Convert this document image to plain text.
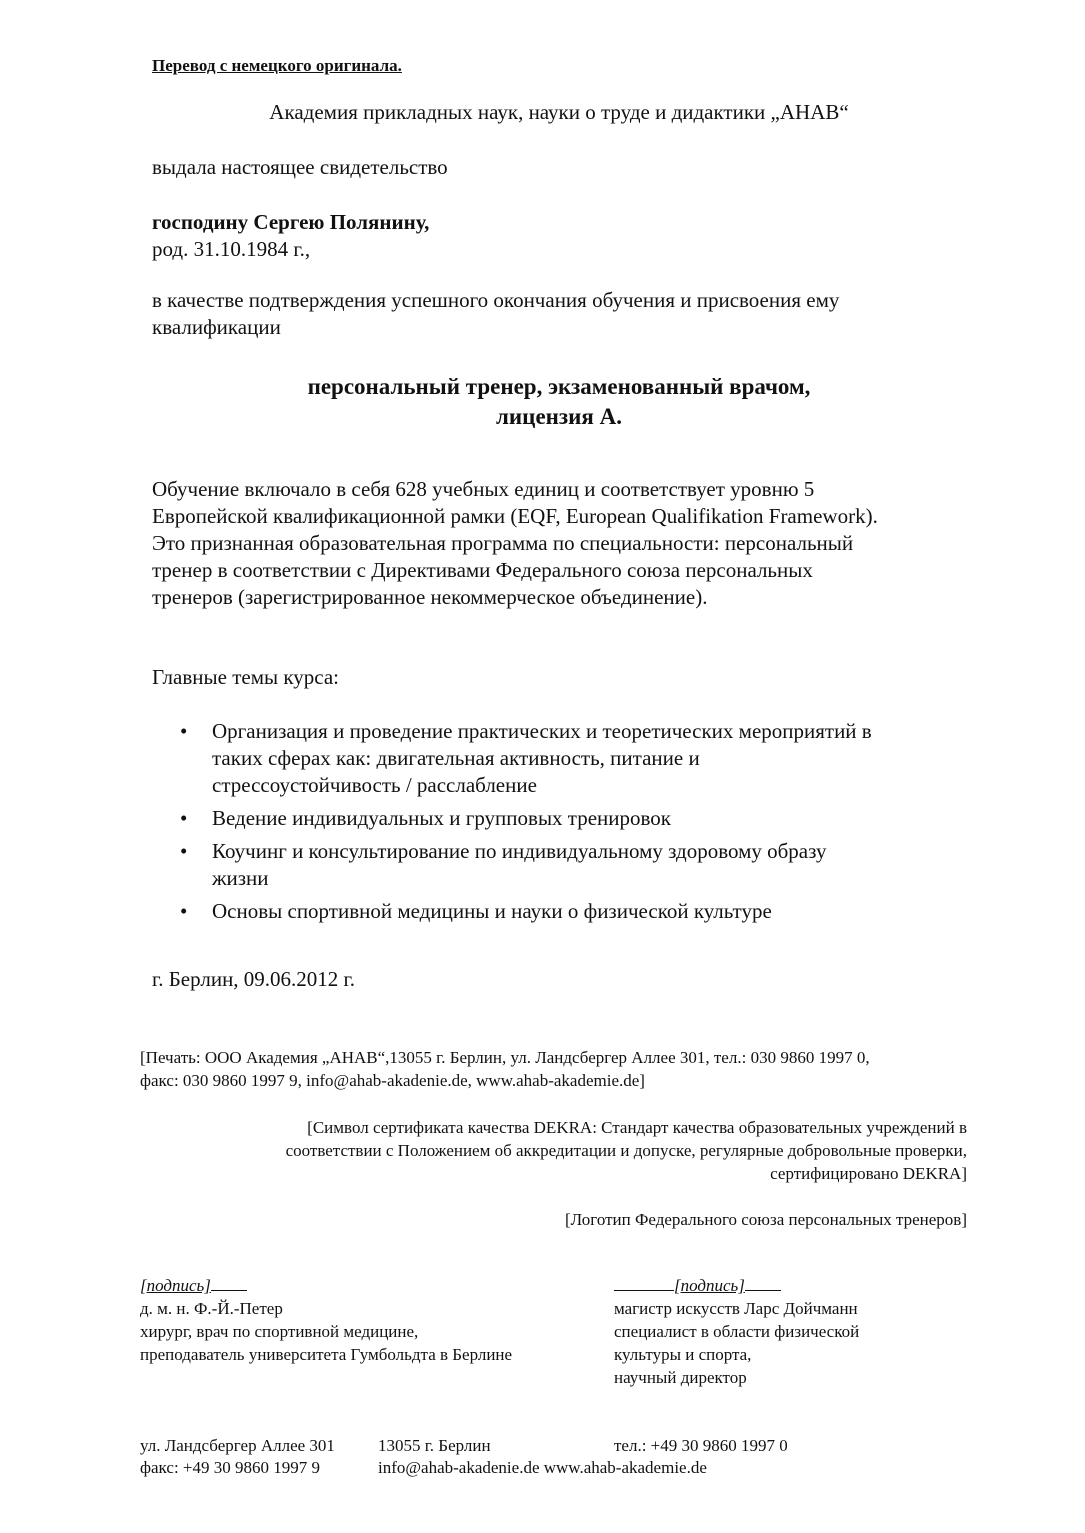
Перевод с немецкого оригинала.
Академия прикладных наук, науки о труде и дидактики „AHAB“
выдала настоящее свидетельство
господину Сергею Полянину,
род. 31.10.1984 г.,
в качестве подтверждения успешного окончания обучения и присвоения ему
квалификации
персональный тренер, экзаменованный врачом,
лицензия А.
Обучение включало в себя 628 учебных единиц и соответствует уровню 5
Европейской квалификационной рамки (EQF, European Qualifikation Framework).
Это признанная образовательная программа по специальности: персональный
тренер в соответствии с Директивами Федерального союза персональных
тренеров (зарегистрированное некоммерческое объединение).
Главные темы курса:
• Организация и проведение практических и теоретических мероприятий в
таких сферах как: двигательная активность, питание и
стрессоустойчивость / расслабление
• Ведение индивидуальных и групповых тренировок
• Коучинг и консультирование по индивидуальному здоровому образу
жизни
• Основы спортивной медицины и науки о физической культуре
г. Берлин, 09.06.2012 г.
[Печать: ООО Академия „AHAB“,13055 г. Берлин, ул. Ландсбергер Аллее 301, тел.: 030 9860 1997 0,
факс: 030 9860 1997 9, info@ahab-akadenie.de, www.ahab-akademie.de]
[Символ сертификата качества DEKRA: Стандарт качества образовательных учреждений в
соответствии с Положением об аккредитации и допуске, регулярные добровольные проверки,
сертифицировано DEKRA]
[Логотип Федерального союза персональных тренеров]
[подпись]
д. м. н. Ф.-Й.-Петер
хирург, врач по спортивной медицине,
преподаватель университета Гумбольдта в Берлине
[подпись]
магистр искусств Ларс Дойчманн
специалист в области физической
культуры и спорта,
научный директор
ул. Ландсбергер Аллее 301
факс: +49 30 9860 1997 9
13055 г. Берлин
info@ahab-akadenie.de www.ahab-akademie.de
тел.: +49 30 9860 1997 0
